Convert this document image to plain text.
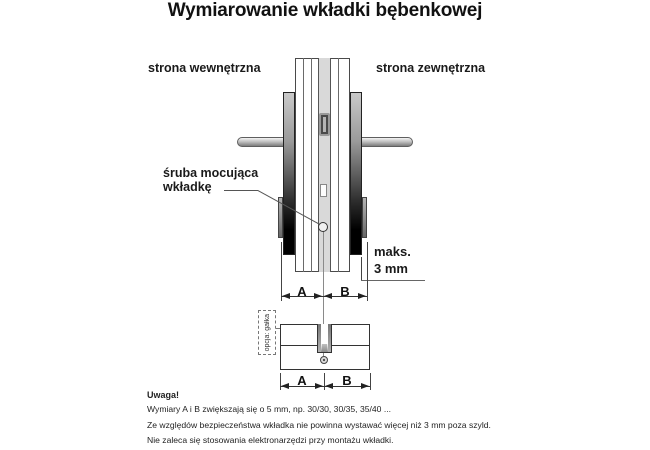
Wymiarowanie wkładki bębenkowej
strona wewnętrzna	strona zewnętrzna
śruba mocująca
wkładkę
maks.
3 mm
A	B
opcja: gałka
A	B
Uwaga!
Wymiary A i B zwiększają się o 5 mm, np. 30/30, 30/35, 35/40 ...
Ze względów bezpieczeństwa wkładka nie powinna wystawać więcej niż 3 mm poza szyld.
Nie zaleca się stosowania elektronarzędzi przy montażu wkładki.
